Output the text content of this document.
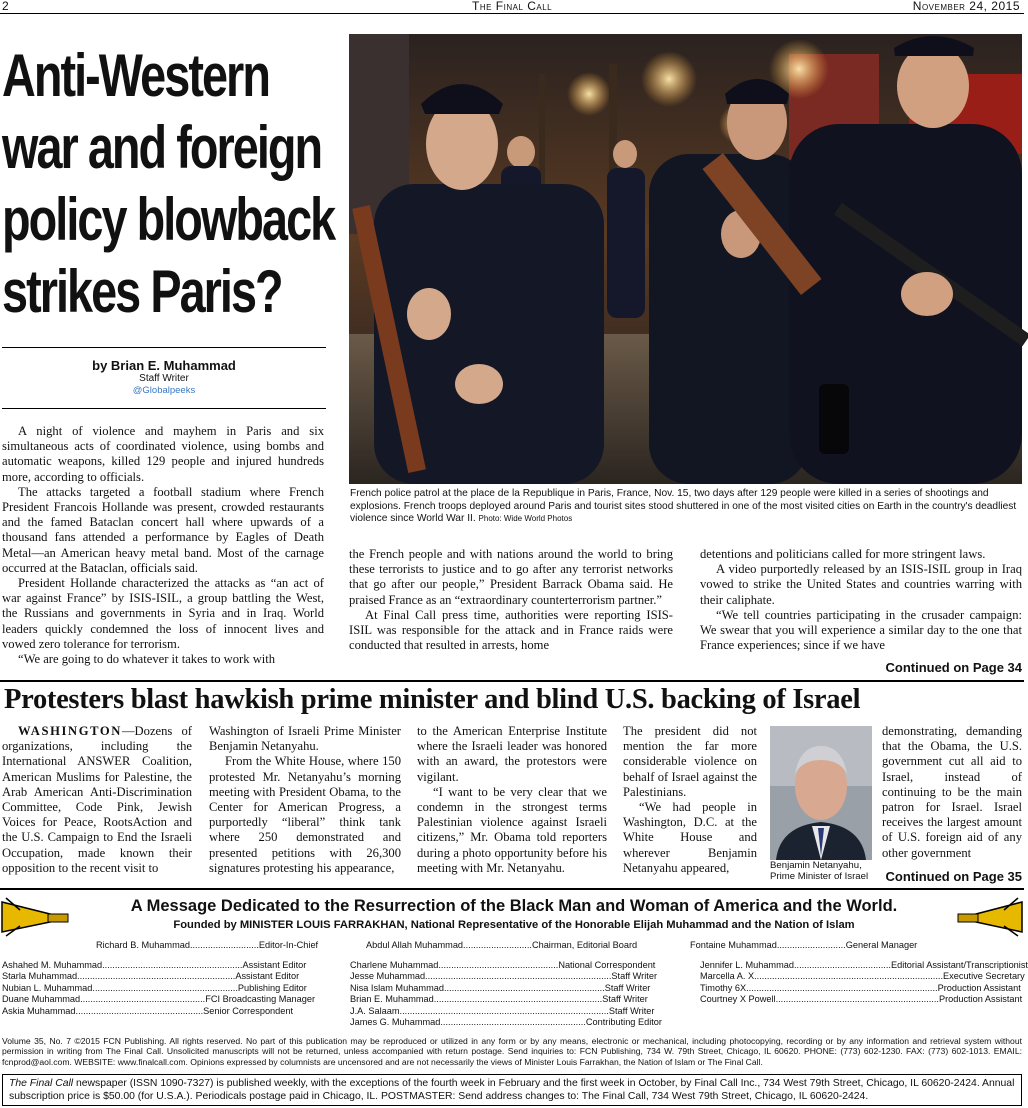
2	The Final Call	November 24, 2015
Anti-Western war and foreign policy blowback strikes Paris?
by Brian E. Muhammad
Staff Writer
@Globalpeeks

A night of violence and mayhem in Paris and six simultaneous acts of coordinated violence, using bombs and automatic weapons, killed 129 people and injured hundreds more, according to officials.

The attacks targeted a football stadium where French President Francois Hollande was present, crowded restaurants and the famed Bataclan concert hall where upwards of a thousand fans attended a performance by Eagles of Death Metal—an American heavy metal band. Most of the carnage occurred at the Bataclan, officials said.

President Hollande characterized the attacks as “an act of war against France” by ISIS-ISIL, a group battling the West, the Russians and governments in Syria and in Iraq. World leaders quickly condemned the loss of innocent lives and vowed zero tolerance for terrorism.

“We are going to do whatever it takes to work with

French police patrol at the place de la Republique in Paris, France, Nov. 15, two days after 129 people were killed in a series of shootings and explosions. French troops deployed around Paris and tourist sites stood shuttered in one of the most visited cities on Earth in the country's deadliest violence since World War II. Photo: Wide World Photos

the French people and with nations around the world to bring these terrorists to justice and to go after any terrorist networks that go after our people,” President Barrack Obama said. He praised France as an “extraordinary counterterrorism partner.”

At Final Call press time, authorities were reporting ISIS-ISIL was responsible for the attack and in France raids were conducted that resulted in arrests, home

detentions and politicians called for more stringent laws.

A video purportedly released by an ISIS-ISIL group in Iraq vowed to strike the United States and countries warring with their caliphate.

“We tell countries participating in the crusader campaign: We swear that you will experience a similar day to the one that France experiences; since if we have

Continued on Page 34
Protesters blast hawkish prime minister and blind U.S. backing of Israel
WASHINGTON—Dozens of organizations, including the International ANSWER Coalition, American Muslims for Palestine, the Arab American Anti-Discrimination Committee, Code Pink, Jewish Voices for Peace, RootsAction and the U.S. Campaign to End the Israeli Occupation, made known their opposition to the recent visit to

Washington of Israeli Prime Minister Benjamin Netanyahu.

From the White House, where 150 protested Mr. Netanyahu’s morning meeting with President Obama, to the Center for American Progress, a purportedly “liberal” think tank where 250 demonstrated and presented petitions with 26,300 signatures protesting his appearance,

to the American Enterprise Institute where the Israeli leader was honored with an award, the protestors were vigilant.

“I want to be very clear that we condemn in the strongest terms Palestinian violence against Israeli citizens,” Mr. Obama told reporters during a photo opportunity before his meeting with Mr. Netanyahu.

The president did not mention the far more considerable violence on behalf of Israel against the Palestinians.

“We had people in Washington, D.C. at the White House and wherever Benjamin Netanyahu appeared,	Benjamin Netanyahu,
Prime Minister of Israel
demonstrating, demanding that the Obama, the U.S. government cut all aid to Israel, instead of continuing to be the main patron for Israel. Israel receives the largest amount of U.S. foreign aid of any other government
Continued on Page 35
A Message Dedicated to the Resurrection of the Black Man and Woman of America and the World.
Founded by MINISTER LOUIS FARRAKHAN, National Representative of the Honorable Elijah Muhammad and the Nation of Islam
Richard B. Muhammad...........................Editor-In-Chief	Abdul Allah Muhammad...........................Chairman, Editorial Board	Fontaine Muhammad...........................General Manager
Ashahed M. Muhammad.......................................................Assistant Editor
Starla Muhammad..............................................................Assistant Editor
Nubian L. Muhammad.........................................................Publishing Editor
Duane Muhammad.................................................FCI Broadcasting Manager
Askia Muhammad..................................................Senior Correspondent
Charlene Muhammad...............................................National Correspondent
Jesse Muhammad.........................................................................Staff Writer
Nisa Islam Muhammad...............................................................Staff Writer
Brian E. Muhammad..................................................................Staff Writer
J.A. Salaam..................................................................................Staff Writer
James G. Muhammad.........................................................Contributing Editor
Jennifer L. Muhammad......................................Editorial Assistant/Transcriptionist
Marcella A. X..........................................................................Executive Secretary
Timothy 6X...........................................................................Production Assistant
Courtney X Powell................................................................Production Assistant
Volume 35, No. 7 ©2015 FCN Publishing. All rights reserved. No part of this publication may be reproduced or utilized in any form or by any means, electronic or mechanical, including photocopying, recording or by any information and retrieval system without permission in writing from The Final Call. Unsolicited manuscripts will not be returned, unless accompanied with return postage. Send inquiries to: FCN Publishing, 734 W. 79th Street, Chicago, IL 60620. PHONE: (773) 602-1230. FAX: (773) 602-1013. EMAIL: fcnprod@aol.com. WEBSITE: www.finalcall.com. Opinions expressed by columnists are uncensored and are not necessarily the views of Minister Louis Farrakhan, the Nation of Islam or The Final Call.
The Final Call newspaper (ISSN 1090-7327) is published weekly, with the exceptions of the fourth week in February and the first week in October, by Final Call Inc., 734 West 79th Street, Chicago, IL 60620-2424. Annual subscription price is $50.00 (for U.S.A.). Periodicals postage paid in Chicago, IL. POSTMASTER: Send address changes to: The Final Call, 734 West 79th Street, Chicago, IL 60620-2424.
